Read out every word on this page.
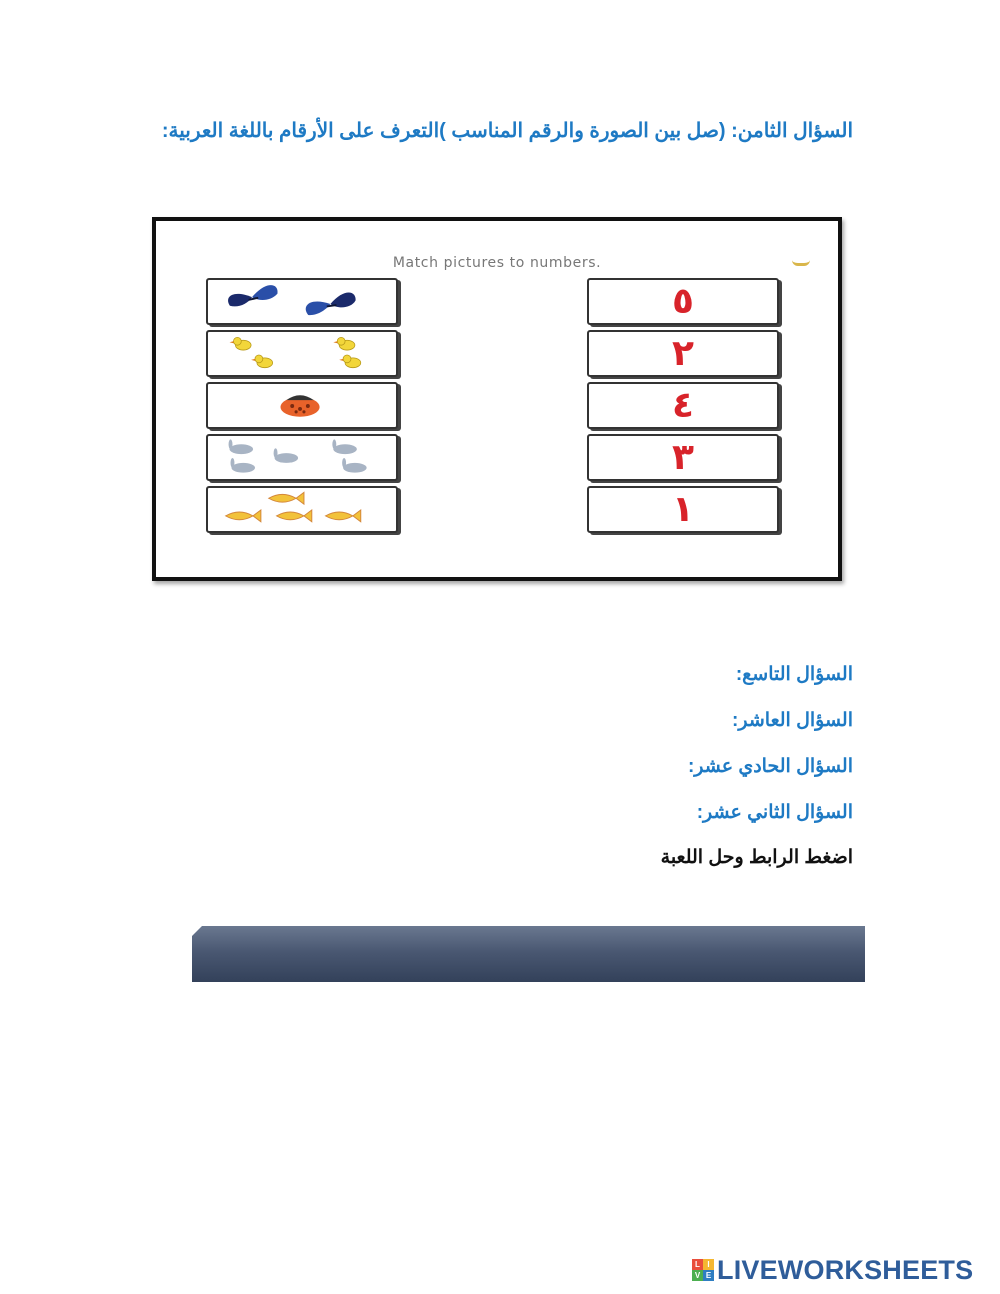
السؤال الثامن: (صل بين الصورة والرقم المناسب )التعرف على الأرقام باللغة العربية:
Match pictures to numbers.
٥
٢
٤
٣
١
السؤال التاسع:
السؤال العاشر:
السؤال الحادي عشر:
السؤال الثاني عشر:
اضغط الرابط وحل اللعبة
L I
V E LIVEWORKSHEETS
